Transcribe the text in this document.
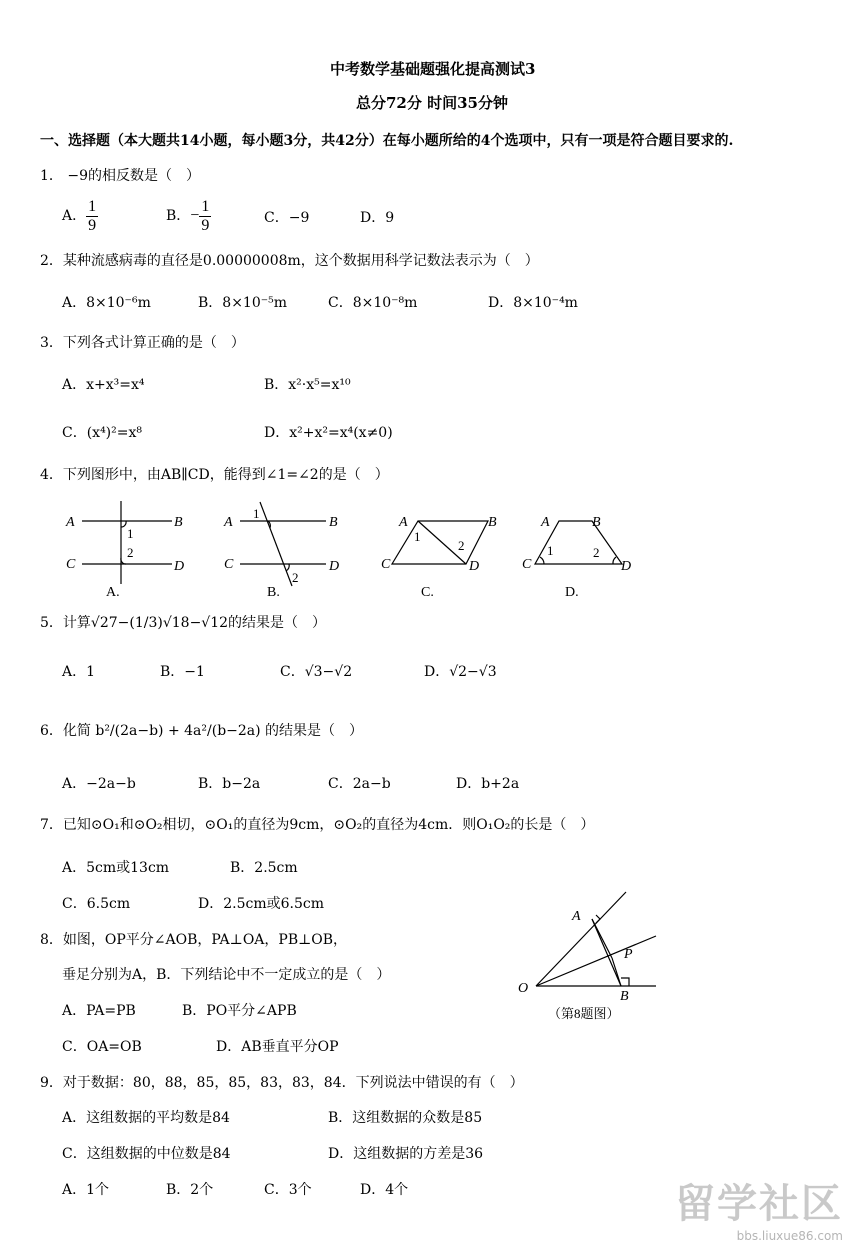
中考数学基础题强化提高测试3
总分72分 时间35分钟
一、选择题（本大题共14小题，每小题3分，共42分）在每小题所给的4个选项中，只有一项是符合题目要求的.
1． −9的相反数是（　）
A． $\frac{1}{9}$	B．− $\frac{1}{9}$	C．−9	D．9
2．某种流感病毒的直径是0.00000008m，这个数据用科学记数法表示为（　）
A．8×10⁻⁶m	B．8×10⁻⁵m	C．8×10⁻⁸m	D．8×10⁻⁴m
3．下列各式计算正确的是（　）
A．x+x³=x⁴	B．x²·x⁵=x¹⁰
C．(x⁴)²=x⁸	D．x²+x²=x⁴(x≠0)
4．下列图形中，由AB∥CD，能得到∠1=∠2的是（　）
A	B
C	D
A	B
C	D
A	B
C	D
A	B
C	D
1
2
1
2
1
2	1	2
A.	B.	C.	D.
5．计算√27−(1/3)√18−√12的结果是（　）
A．1	B．−1	C．√3−√2	D．√2−√3
6．化简 b²/(2a−b) + 4a²/(b−2a) 的结果是（　）
A．−2a−b	B．b−2a	C．2a−b	D．b+2a
7．已知⊙O₁和⊙O₂相切，⊙O₁的直径为9cm，⊙O₂的直径为4cm．则O₁O₂的长是（　）
A．5cm或13cm	B．2.5cm
C．6.5cm	D．2.5cm或6.5cm
8．如图，OP平分∠AOB，PA⊥OA，PB⊥OB，
垂足分别为A，B．下列结论中不一定成立的是（　）
A．PA=PB	B．PO平分∠APB
C．OA=OB	D．AB垂直平分OP
A
O
P
B
（第8题图）
9．对于数据：80，88，85，85，83，83，84．下列说法中错误的有（　）
A．这组数据的平均数是84	B．这组数据的众数是85
C．这组数据的中位数是84	D．这组数据的方差是36
A．1个	B．2个	C．3个	D．4个	留学社区
bbs.liuxue86.com
